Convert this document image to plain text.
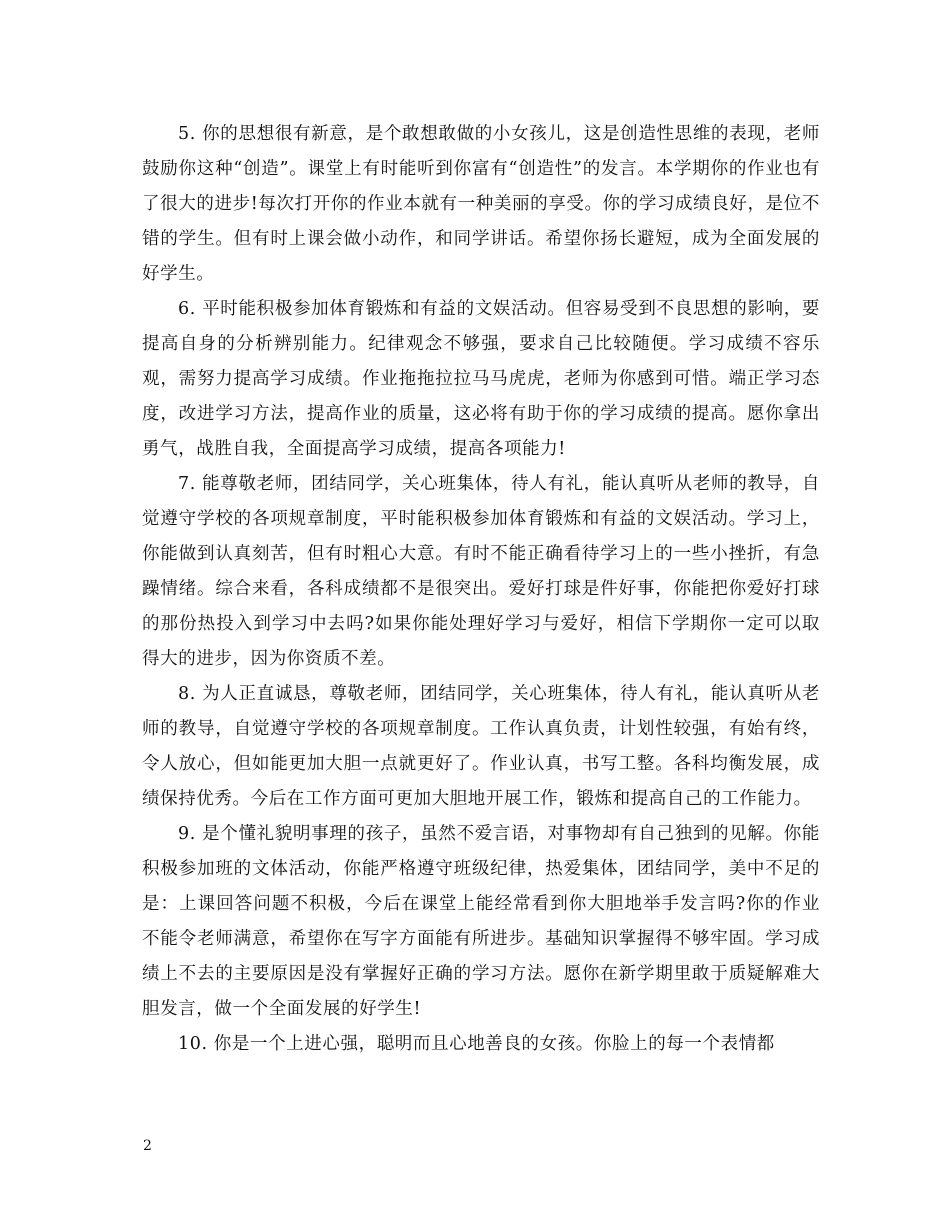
5. 你的思想很有新意，是个敢想敢做的小女孩儿，这是创造性思维的表现，老师鼓励你这种“创造”。课堂上有时能听到你富有“创造性”的发言。本学期你的作业也有了很大的进步!每次打开你的作业本就有一种美丽的享受。你的学习成绩良好，是位不错的学生。但有时上课会做小动作，和同学讲话。希望你扬长避短，成为全面发展的好学生。

6. 平时能积极参加体育锻炼和有益的文娱活动。但容易受到不良思想的影响，要提高自身的分析辨别能力。纪律观念不够强，要求自己比较随便。学习成绩不容乐观，需努力提高学习成绩。作业拖拖拉拉马马虎虎，老师为你感到可惜。端正学习态度，改进学习方法，提高作业的质量，这必将有助于你的学习成绩的提高。愿你拿出勇气，战胜自我，全面提高学习成绩，提高各项能力!

7. 能尊敬老师，团结同学，关心班集体，待人有礼，能认真听从老师的教导，自觉遵守学校的各项规章制度，平时能积极参加体育锻炼和有益的文娱活动。学习上，你能做到认真刻苦，但有时粗心大意。有时不能正确看待学习上的一些小挫折，有急躁情绪。综合来看，各科成绩都不是很突出。爱好打球是件好事，你能把你爱好打球的那份热投入到学习中去吗?如果你能处理好学习与爱好，相信下学期你一定可以取得大的进步，因为你资质不差。

8. 为人正直诚恳，尊敬老师，团结同学，关心班集体，待人有礼，能认真听从老师的教导，自觉遵守学校的各项规章制度。工作认真负责，计划性较强，有始有终，令人放心，但如能更加大胆一点就更好了。作业认真，书写工整。各科均衡发展，成绩保持优秀。今后在工作方面可更加大胆地开展工作，锻炼和提高自己的工作能力。

9. 是个懂礼貌明事理的孩子，虽然不爱言语，对事物却有自己独到的见解。你能积极参加班的文体活动，你能严格遵守班级纪律，热爱集体，团结同学，美中不足的是：上课回答问题不积极，今后在课堂上能经常看到你大胆地举手发言吗?你的作业不能令老师满意，希望你在写字方面能有所进步。基础知识掌握得不够牢固。学习成绩上不去的主要原因是没有掌握好正确的学习方法。愿你在新学期里敢于质疑解难大胆发言，做一个全面发展的好学生!

10. 你是一个上进心强，聪明而且心地善良的女孩。你脸上的每一个表情都

2
